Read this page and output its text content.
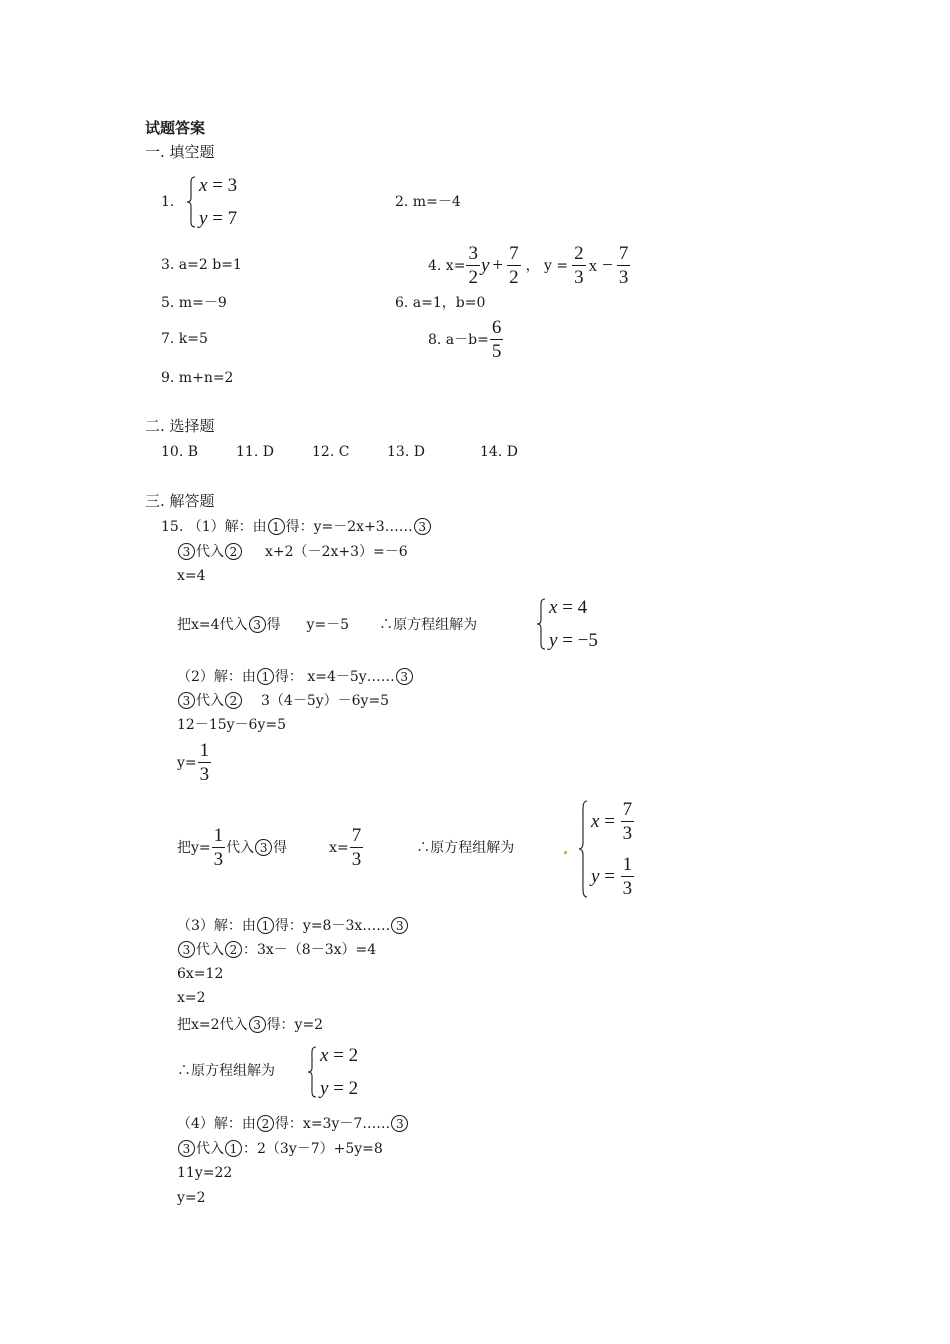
试题答案
一. 填空题
1.
x
=
3
y
=
7
2. m=－4
3. a=2 b=1	4. $x= \frac{3}{2}$ $y + \frac{7}{2}$ ， $y = \frac{2}{3}$ $x - \frac{7}{3}$
5. m=－9	6. a=1，b=0
7. k=5	8. $a-b= \frac{6}{5}$
9. m+n=2
二. 选择题
10. B	11. D	12. C	13. D	14. D
三. 解答题
15. （1）解：由 1 得：y=－2x+3…… 3
3 代入 2	x+2（－2x+3）=－6
x=4
把x=4代入 3 得 y=－5 ∴原方程组解为
x
=
4
y
= − 5
（2）解：由 1 得： x=4－5y…… 3
3 代入 2	3（4－5y）－6y=5
12－15y－6y=5
$y= \frac{1}{3}$
把$y= \frac{1}{3}$ 代入 3 得	$x= \frac{7}{3}$	∴原方程组解为
x
=
$\frac{7}{3}$
y
=
$\frac{1}{3}$
（3）解：由 1 得：y=8－3x…… 3
3 代入 2 ：3x－（8－3x）=4
6x=12
x=2
把x=2代入 3 得：y=2
∴原方程组解为
x
=
2
y
=
2
（4）解：由 2 得：x=3y－7…… 3
3 代入 1 ：2（3y－7）+5y=8
11y=22
y=2
